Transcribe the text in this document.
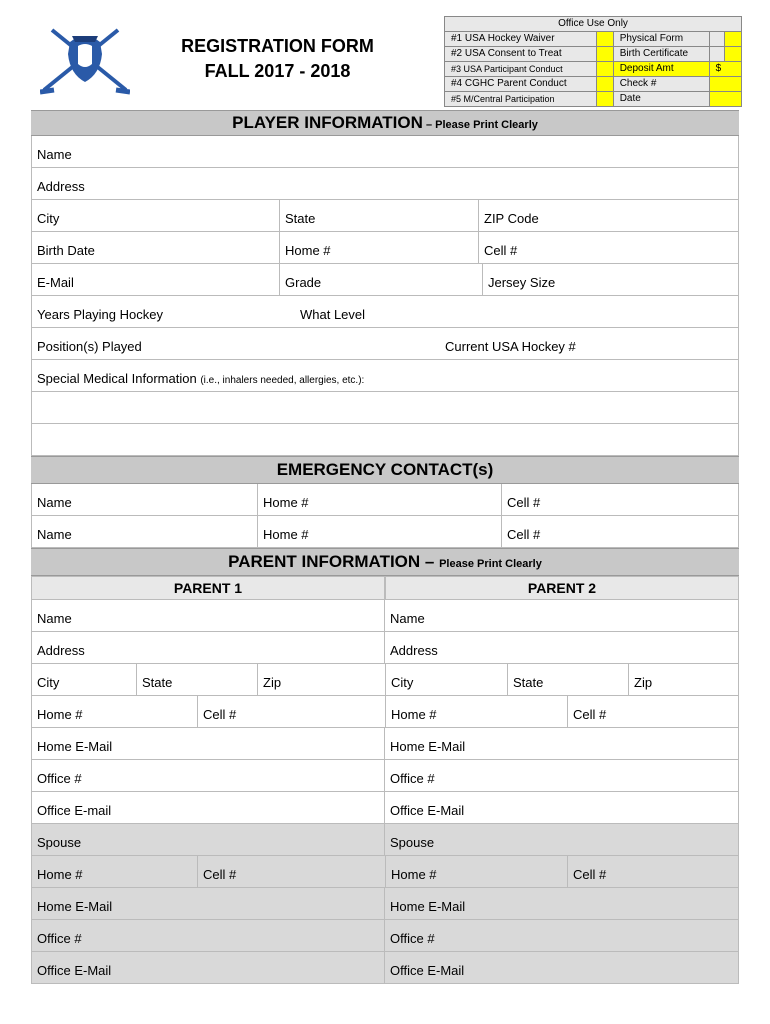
REGISTRATION FORM
FALL 2017 - 2018
Office Use Only				
#1 USA Hockey Waiver		Physical Form		
#2 USA Consent to Treat		Birth Certificate		
#3 USA Participant Conduct		Deposit Amt	$	
#4 CGHC Parent Conduct		Check #		
#5 M/Central Participation		Date		
PLAYER INFORMATION – Please Print Clearly
Name
Address
City	State	ZIP Code
Birth Date	Home #	Cell #
E-Mail	Grade	Jersey Size
Years Playing Hockey	What Level
Position(s) Played	Current USA Hockey #
Special Medical Information
(i.e., inhalers needed, allergies, etc.):
EMERGENCY CONTACT(s)
Name	Home #	Cell #
Name	Home #	Cell #
PARENT INFORMATION – Please Print Clearly
PARENT 1	PARENT 2
Name	Name
Address	Address
City	State	Zip	City	State	Zip
Home #	Cell #	Home #	Cell #
Home E-Mail	Home E-Mail
Office #	Office #
Office E-mail	Office E-Mail
Spouse	Spouse
Home #	Cell #	Home #	Cell #
Home E-Mail	Home E-Mail
Office #	Office #
Office E-Mail	Office E-Mail
